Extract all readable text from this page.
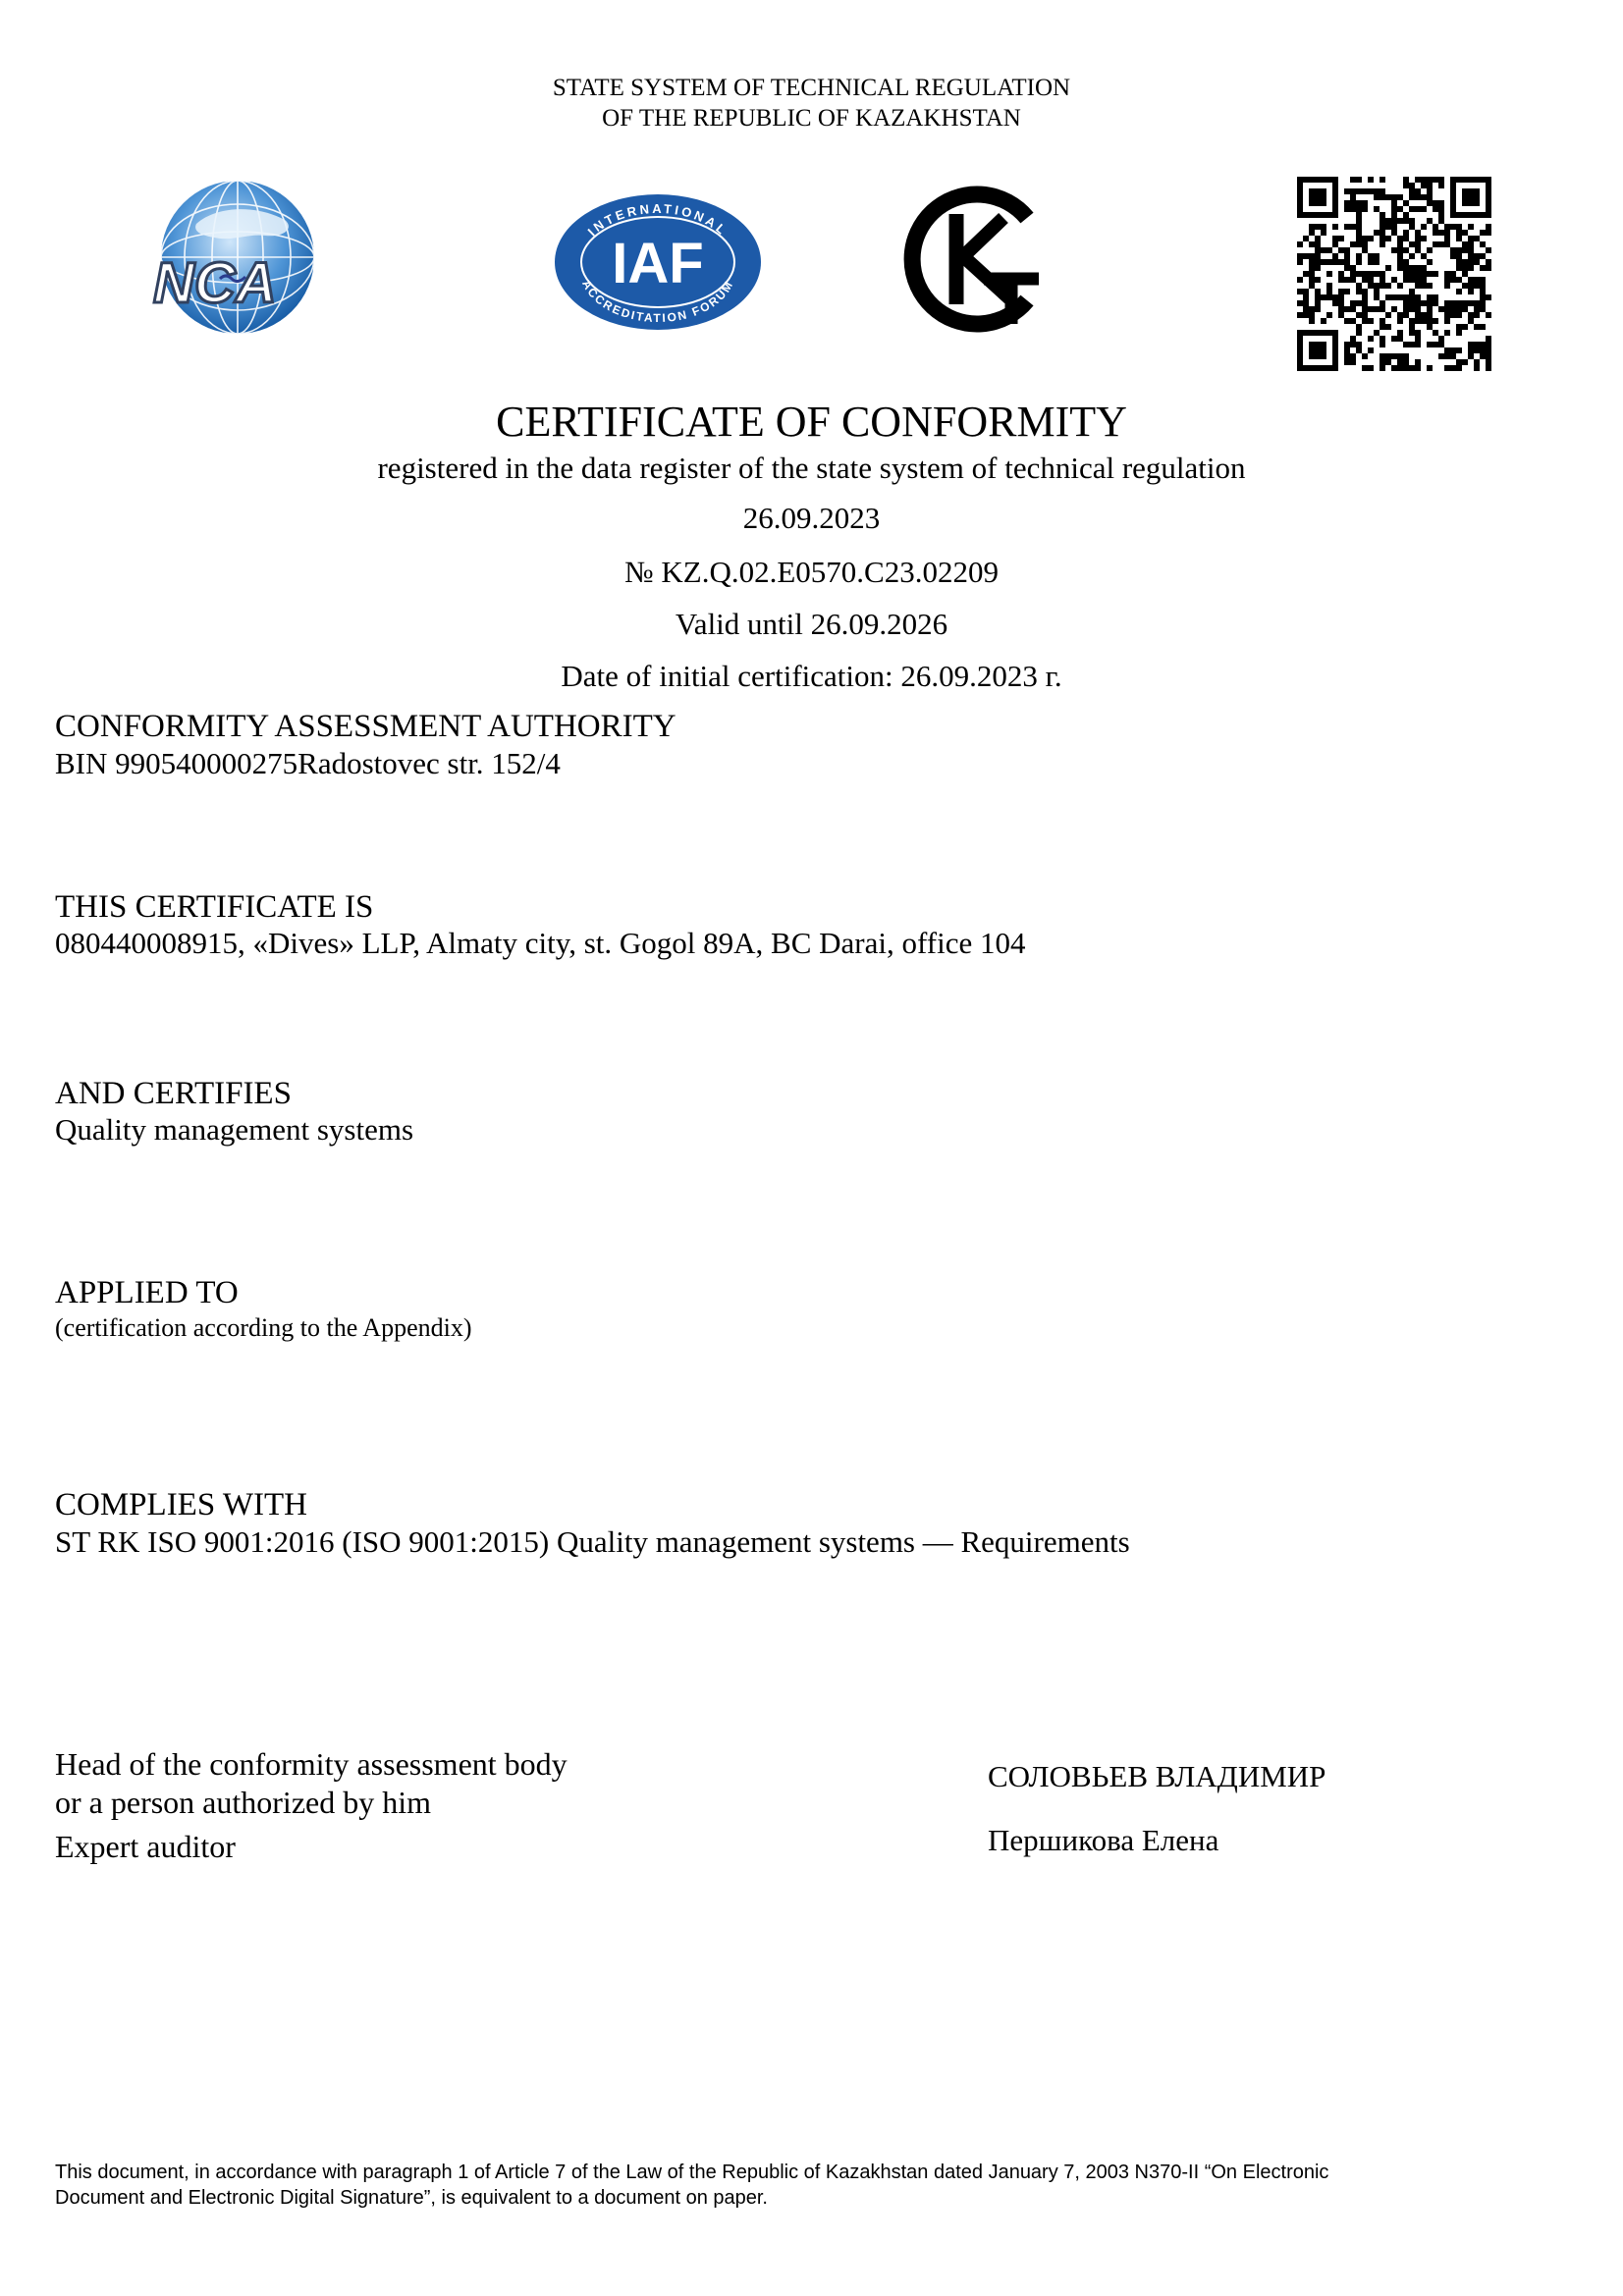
STATE SYSTEM OF TECHNICAL REGULATION
OF THE REPUBLIC OF KAZAKHSTAN
NCA
INTERNATIONAL
ACCREDITATION FORUM
IAF
CERTIFICATE OF CONFORMITY
registered in the data register of the state system of technical regulation
26.09.2023
№ KZ.Q.02.E0570.C23.02209
Valid until 26.09.2026
Date of initial certification: 26.09.2023 г.
CONFORMITY ASSESSMENT AUTHORITY
BIN 990540000275Radostovec str. 152/4
THIS CERTIFICATE IS
080440008915, «Dives» LLP, Almaty city, st. Gogol 89A, BC Darai, office 104
AND CERTIFIES
Quality management systems
APPLIED TO
(certification according to the Appendix)
COMPLIES WITH
ST RK ISO 9001:2016 (ISO 9001:2015) Quality management systems — Requirements
Head of the conformity assessment body
or a person authorized by him
СОЛОВЬЕВ ВЛАДИМИР
Expert auditor	Першикова Елена
This document, in accordance with paragraph 1 of Article 7 of the Law of the Republic of Kazakhstan dated January 7, 2003 N370-II “On Electronic
Document and Electronic Digital Signature”, is equivalent to a document on paper.
